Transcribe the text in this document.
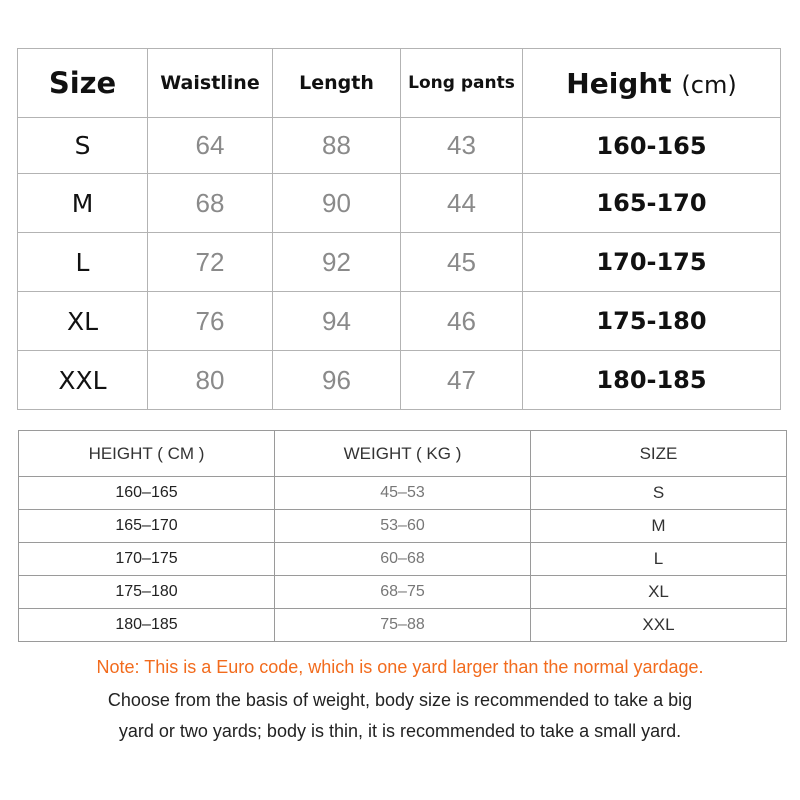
Size	Waistline	Length	Long pants	Height (cm)
S	64	88	43	160-165
M	68	90	44	165-170
L	72	92	45	170-175
XL	76	94	46	175-180
XXL	80	96	47	180-185
HEIGHT ( CM )	WEIGHT ( KG )	SIZE
160–165	45–53	S
165–170	53–60	M
170–175	60–68	L
175–180	68–75	XL
180–185	75–88	XXL
Note: This is a Euro code, which is one yard larger than the normal yardage.
Choose from the basis of weight, body size is recommended to take a big
yard or two yards; body is thin, it is recommended to take a small yard.
